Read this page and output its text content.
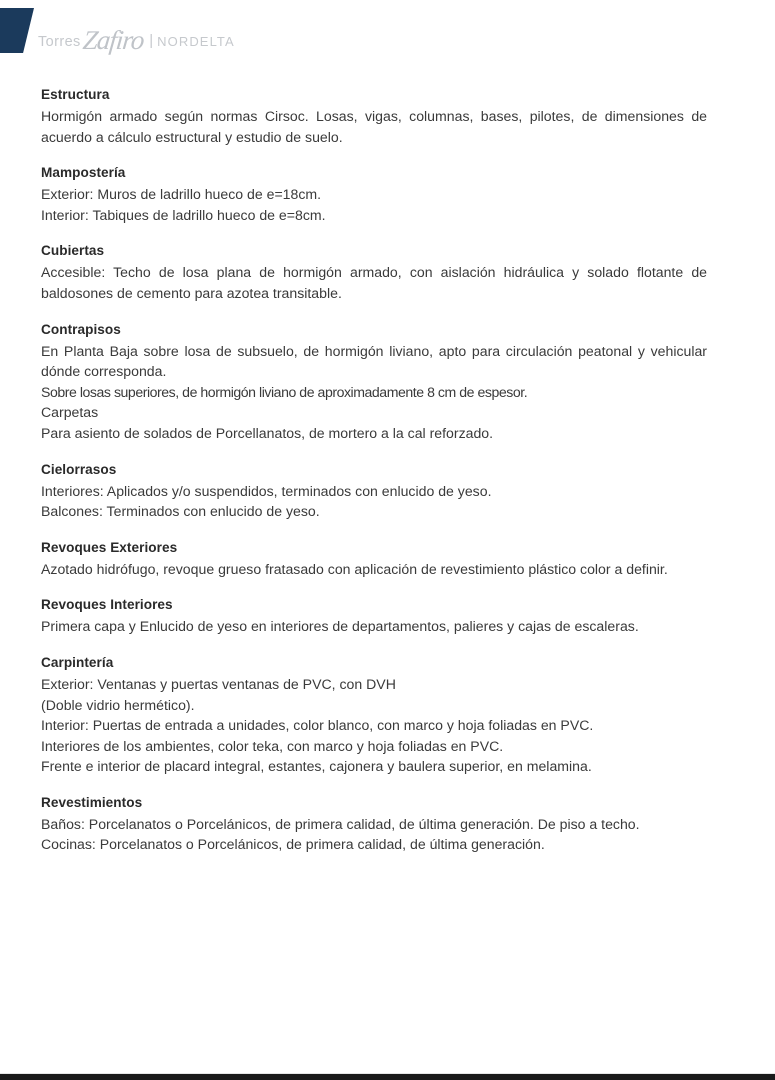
Torres Zafiro | NORDELTA
Estructura

Hormigón armado según normas Cirsoc. Losas, vigas, columnas, bases, pilotes, de dimensiones de acuerdo a cálculo estructural y estudio de suelo.

Mampostería

Exterior: Muros de ladrillo hueco de e=18cm.

Interior: Tabiques de ladrillo hueco de e=8cm.

Cubiertas

Accesible: Techo de losa plana de hormigón armado, con aislación hidráulica y solado flotante de baldosones de cemento para azotea transitable.

Contrapisos

En Planta Baja sobre losa de subsuelo, de hormigón liviano, apto para circulación peatonal y vehicular dónde corresponda.

Sobre losas superiores, de hormigón liviano de aproximadamente 8 cm de espesor.

Carpetas

Para asiento de solados de Porcellanatos, de mortero a la cal reforzado.

Cielorrasos

Interiores: Aplicados y/o suspendidos, terminados con enlucido de yeso.

Balcones: Terminados con enlucido de yeso.

Revoques Exteriores

Azotado hidrófugo, revoque grueso fratasado con aplicación de revestimiento plástico color a definir.

Revoques Interiores

Primera capa y Enlucido de yeso en interiores de departamentos, palieres y cajas de escaleras.

Carpintería

Exterior: Ventanas y puertas ventanas de PVC, con DVH

(Doble vidrio hermético).

Interior: Puertas de entrada a unidades, color blanco, con marco y hoja foliadas en PVC.

Interiores de los ambientes, color teka, con marco y hoja foliadas en PVC.

Frente e interior de placard integral, estantes, cajonera y baulera superior, en melamina.

Revestimientos

Baños: Porcelanatos o Porcelánicos, de primera calidad, de última generación. De piso a techo.

Cocinas: Porcelanatos o Porcelánicos, de primera calidad, de última generación.
